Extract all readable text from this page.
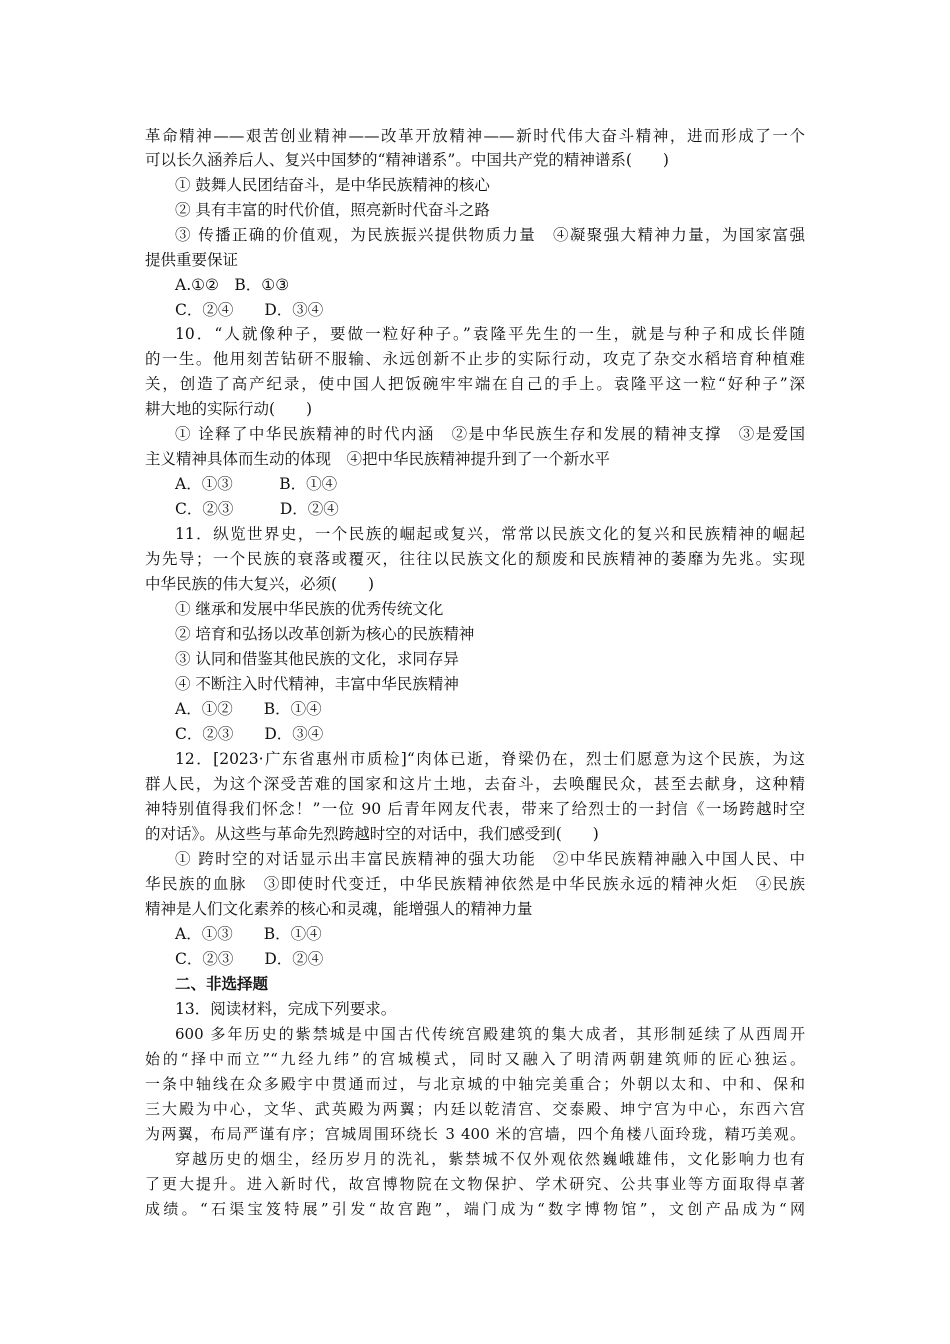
革命精神——艰苦创业精神——改革开放精神——新时代伟大奋斗精神，进而形成了一个
可以长久涵养后人、复兴中国梦的“精神谱系”。中国共产党的精神谱系(　　)
① 鼓舞人民团结奋斗，是中华民族精神的核心
② 具有丰富的时代价值，照亮新时代奋斗之路
③ 传播正确的价值观，为民族振兴提供物质力量　④凝聚强大精神力量，为国家富强
提供重要保证
A.①②　B．①③
C．②④　　D．③④
10．“人就像种子，要做一粒好种子。”袁隆平先生的一生，就是与种子和成长伴随
的一生。他用刻苦钻研不服输、永远创新不止步的实际行动，攻克了杂交水稻培育种植难
关，创造了高产纪录，使中国人把饭碗牢牢端在自己的手上。袁隆平这一粒“好种子”深
耕大地的实际行动(　　)
① 诠释了中华民族精神的时代内涵　②是中华民族生存和发展的精神支撑　③是爱国
主义精神具体而生动的体现　④把中华民族精神提升到了一个新水平
A．①③　　　B．①④
C．②③　　　D．②④
11．纵览世界史，一个民族的崛起或复兴，常常以民族文化的复兴和民族精神的崛起
为先导；一个民族的衰落或覆灭，往往以民族文化的颓废和民族精神的萎靡为先兆。实现
中华民族的伟大复兴，必须(　　)
① 继承和发展中华民族的优秀传统文化
② 培育和弘扬以改革创新为核心的民族精神
③ 认同和借鉴其他民族的文化，求同存异
④ 不断注入时代精神，丰富中华民族精神
A．①②　　B．①④
C．②③　　D．③④
12．[2023·广东省惠州市质检]“肉体已逝，脊梁仍在，烈士们愿意为这个民族，为这
群人民，为这个深受苦难的国家和这片土地，去奋斗，去唤醒民众，甚至去献身，这种精
神特别值得我们怀念！”一位 90 后青年网友代表，带来了给烈士的一封信《一场跨越时空
的对话》。从这些与革命先烈跨越时空的对话中，我们感受到(　　)
① 跨时空的对话显示出丰富民族精神的强大功能　②中华民族精神融入中国人民、中
华民族的血脉　③即使时代变迁，中华民族精神依然是中华民族永远的精神火炬　④民族
精神是人们文化素养的核心和灵魂，能增强人的精神力量
A．①③　　B．①④
C．②③　　D．②④
二、非选择题
13．阅读材料，完成下列要求。
600 多年历史的紫禁城是中国古代传统宫殿建筑的集大成者，其形制延续了从西周开
始的“择中而立”“九经九纬”的宫城模式，同时又融入了明清两朝建筑师的匠心独运。
一条中轴线在众多殿宇中贯通而过，与北京城的中轴完美重合；外朝以太和、中和、保和
三大殿为中心，文华、武英殿为两翼；内廷以乾清宫、交泰殿、坤宁宫为中心，东西六宫
为两翼，布局严谨有序；宫城周围环绕长 3 400 米的宫墙，四个角楼八面玲珑，精巧美观。
穿越历史的烟尘，经历岁月的洗礼，紫禁城不仅外观依然巍峨雄伟，文化影响力也有
了更大提升。进入新时代，故宫博物院在文物保护、学术研究、公共事业等方面取得卓著
成绩。“石渠宝笈特展”引发“故宫跑”，端门成为“数字博物馆”，文创产品成为“网
